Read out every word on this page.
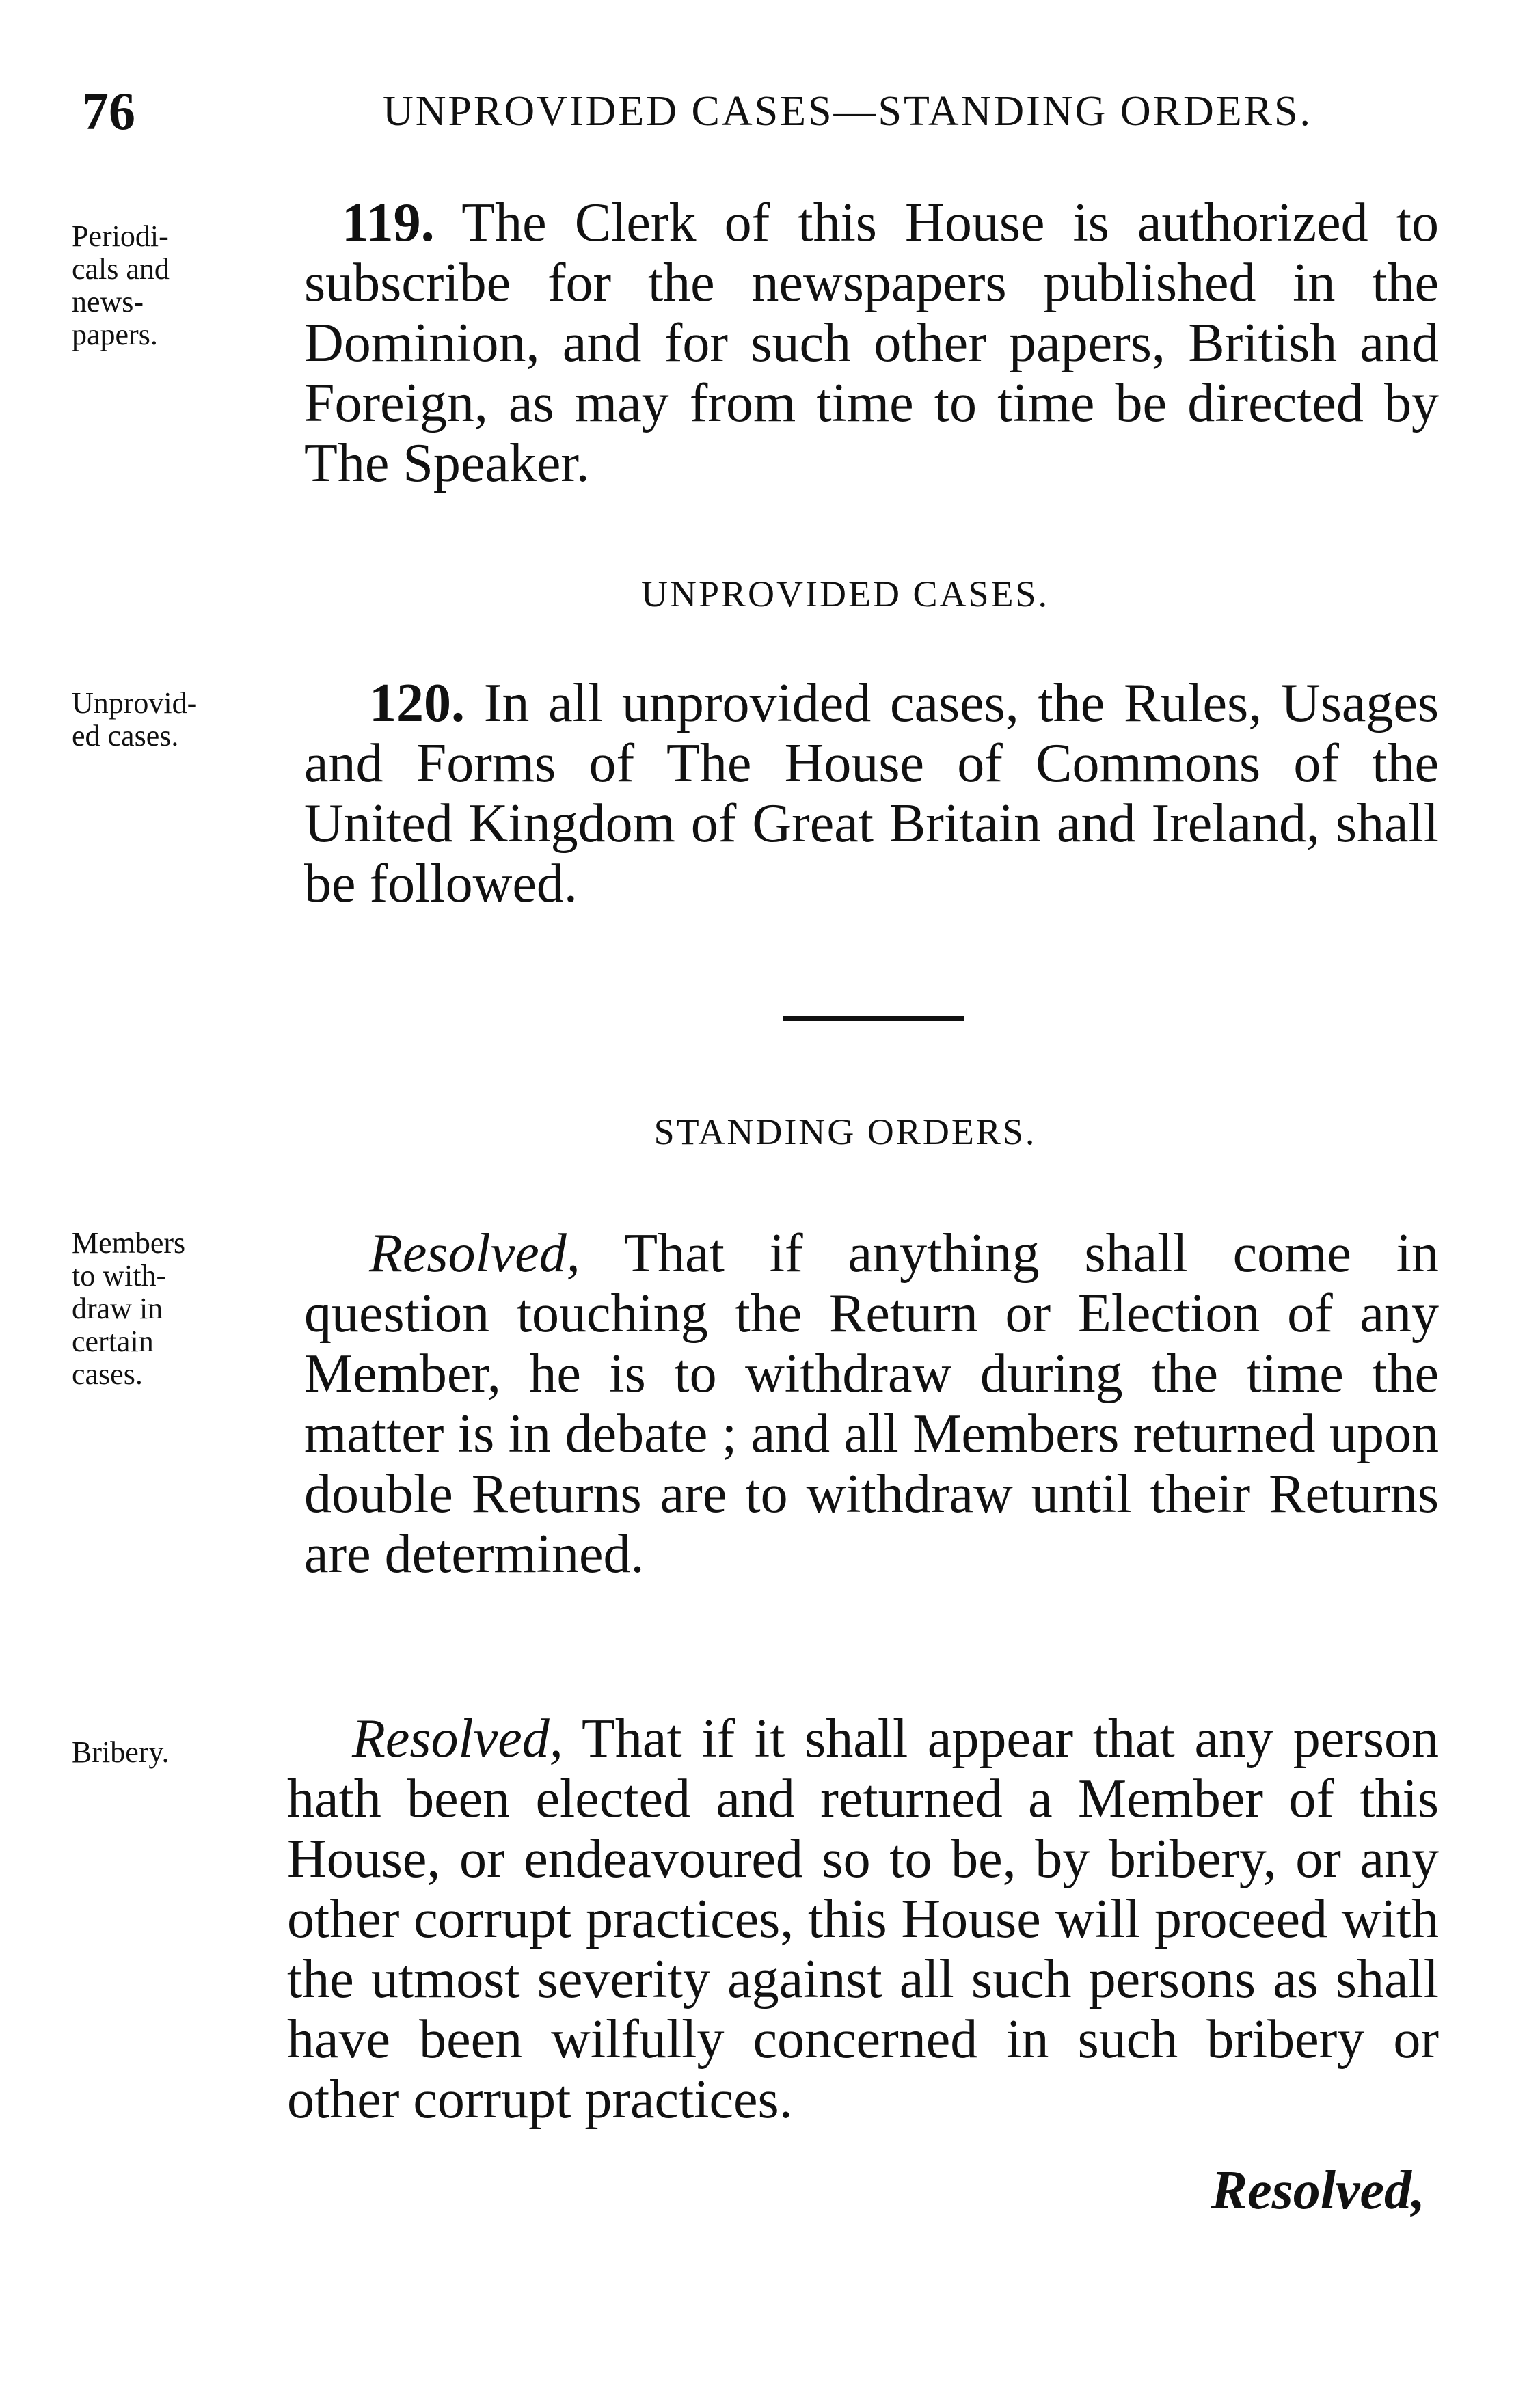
76	UNPROVIDED CASES—STANDING ORDERS.
Periodi-
cals and
news-
papers.

119. The Clerk of this House is authorized to subscribe for the newspapers published in the Dominion, and for such other papers, British and Foreign, as may from time to time be directed by The Speaker.

UNPROVIDED CASES.
Unprovid-
ed cases.

120. In all unprovided cases, the Rules, Usages and Forms of The House of Commons of the United Kingdom of Great Britain and Ireland, shall be followed.

STANDING ORDERS.
Members
to with-
draw in
certain
cases.

Resolved, That if anything shall come in question touching the Return or Election of any Member, he is to withdraw during the time the matter is in debate ; and all Members returned upon double Returns are to withdraw until their Returns are determined.

Bribery.	Resolved, That if it shall appear that any person hath been elected and returned a Member of this House, or endeavoured so to be, by bribery, or any other corrupt practices, this House will proceed with the utmost severity against all such persons as shall have been wilfully concerned in such bribery or other corrupt practices.

Resolved,
